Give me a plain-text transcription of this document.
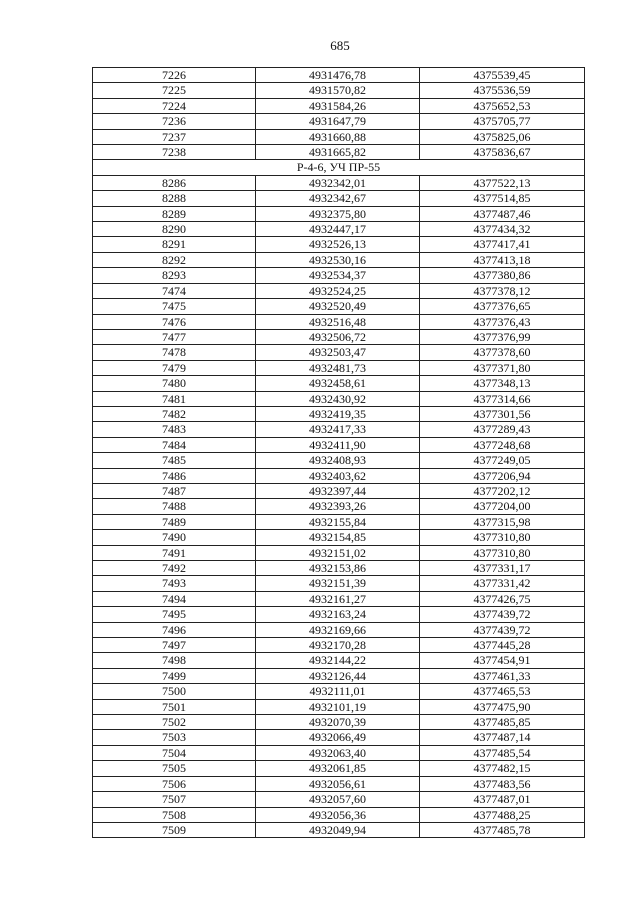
685
7226	4931476,78	4375539,45
7225	4931570,82	4375536,59
7224	4931584,26	4375652,53
7236	4931647,79	4375705,77
7237	4931660,88	4375825,06
7238	4931665,82	4375836,67
Р-4-6, УЧ ПР-55		
8286	4932342,01	4377522,13
8288	4932342,67	4377514,85
8289	4932375,80	4377487,46
8290	4932447,17	4377434,32
8291	4932526,13	4377417,41
8292	4932530,16	4377413,18
8293	4932534,37	4377380,86
7474	4932524,25	4377378,12
7475	4932520,49	4377376,65
7476	4932516,48	4377376,43
7477	4932506,72	4377376,99
7478	4932503,47	4377378,60
7479	4932481,73	4377371,80
7480	4932458,61	4377348,13
7481	4932430,92	4377314,66
7482	4932419,35	4377301,56
7483	4932417,33	4377289,43
7484	4932411,90	4377248,68
7485	4932408,93	4377249,05
7486	4932403,62	4377206,94
7487	4932397,44	4377202,12
7488	4932393,26	4377204,00
7489	4932155,84	4377315,98
7490	4932154,85	4377310,80
7491	4932151,02	4377310,80
7492	4932153,86	4377331,17
7493	4932151,39	4377331,42
7494	4932161,27	4377426,75
7495	4932163,24	4377439,72
7496	4932169,66	4377439,72
7497	4932170,28	4377445,28
7498	4932144,22	4377454,91
7499	4932126,44	4377461,33
7500	4932111,01	4377465,53
7501	4932101,19	4377475,90
7502	4932070,39	4377485,85
7503	4932066,49	4377487,14
7504	4932063,40	4377485,54
7505	4932061,85	4377482,15
7506	4932056,61	4377483,56
7507	4932057,60	4377487,01
7508	4932056,36	4377488,25
7509	4932049,94	4377485,78
